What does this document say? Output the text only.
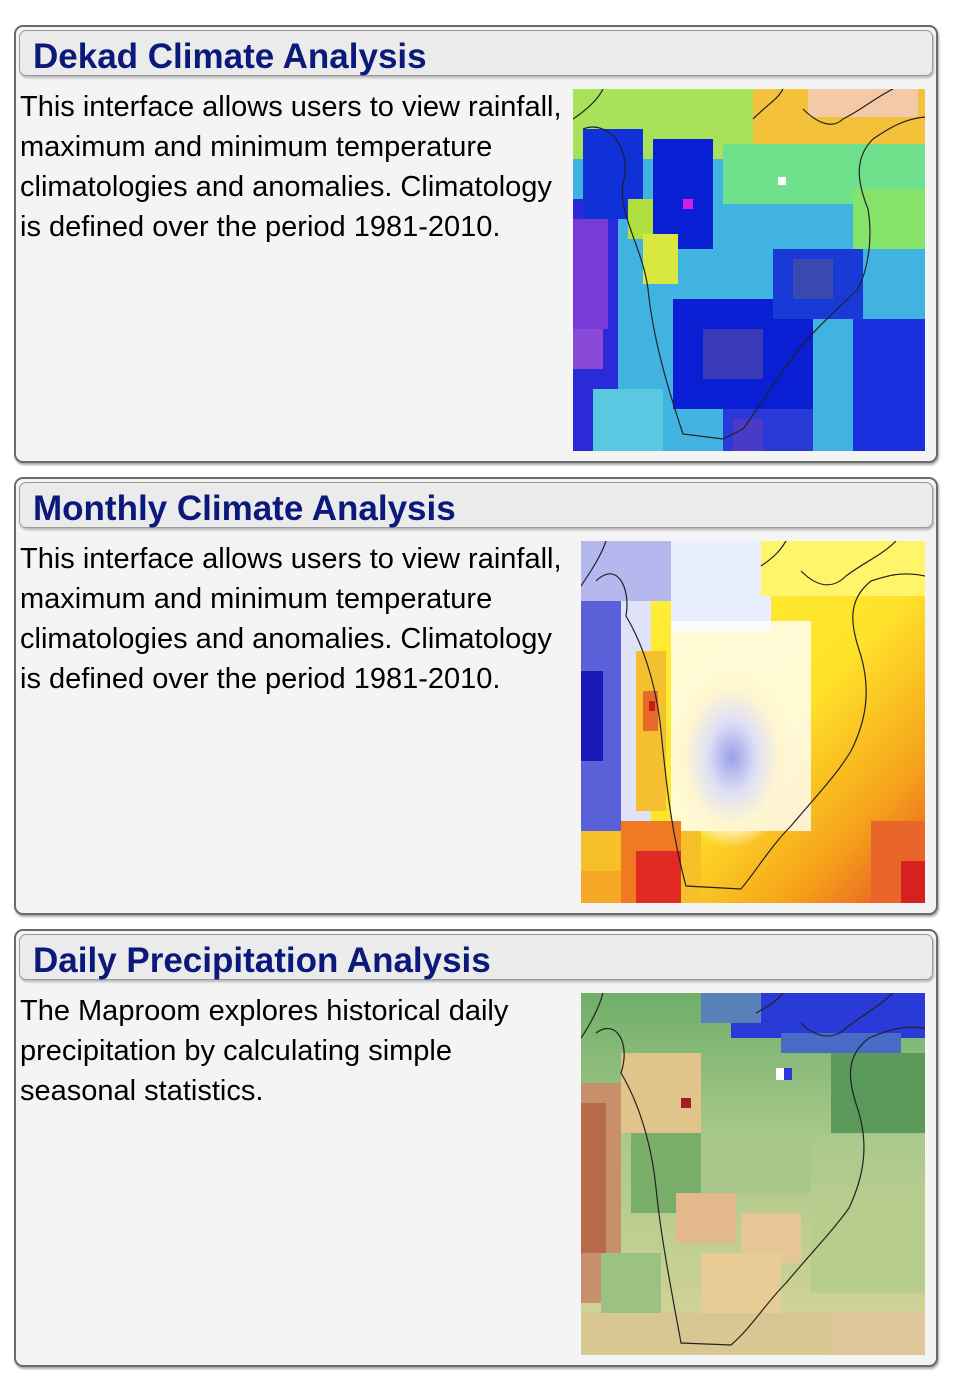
Dekad Climate Analysis

This interface allows users to view rainfall, maximum and minimum temperature climatologies and anomalies. Climatology is defined over the period 1981-2010.

Monthly Climate Analysis

This interface allows users to view rainfall, maximum and minimum temperature climatologies and anomalies. Climatology is defined over the period 1981-2010.

Daily Precipitation Analysis

The Maproom explores historical daily precipitation by calculating simple seasonal statistics.
